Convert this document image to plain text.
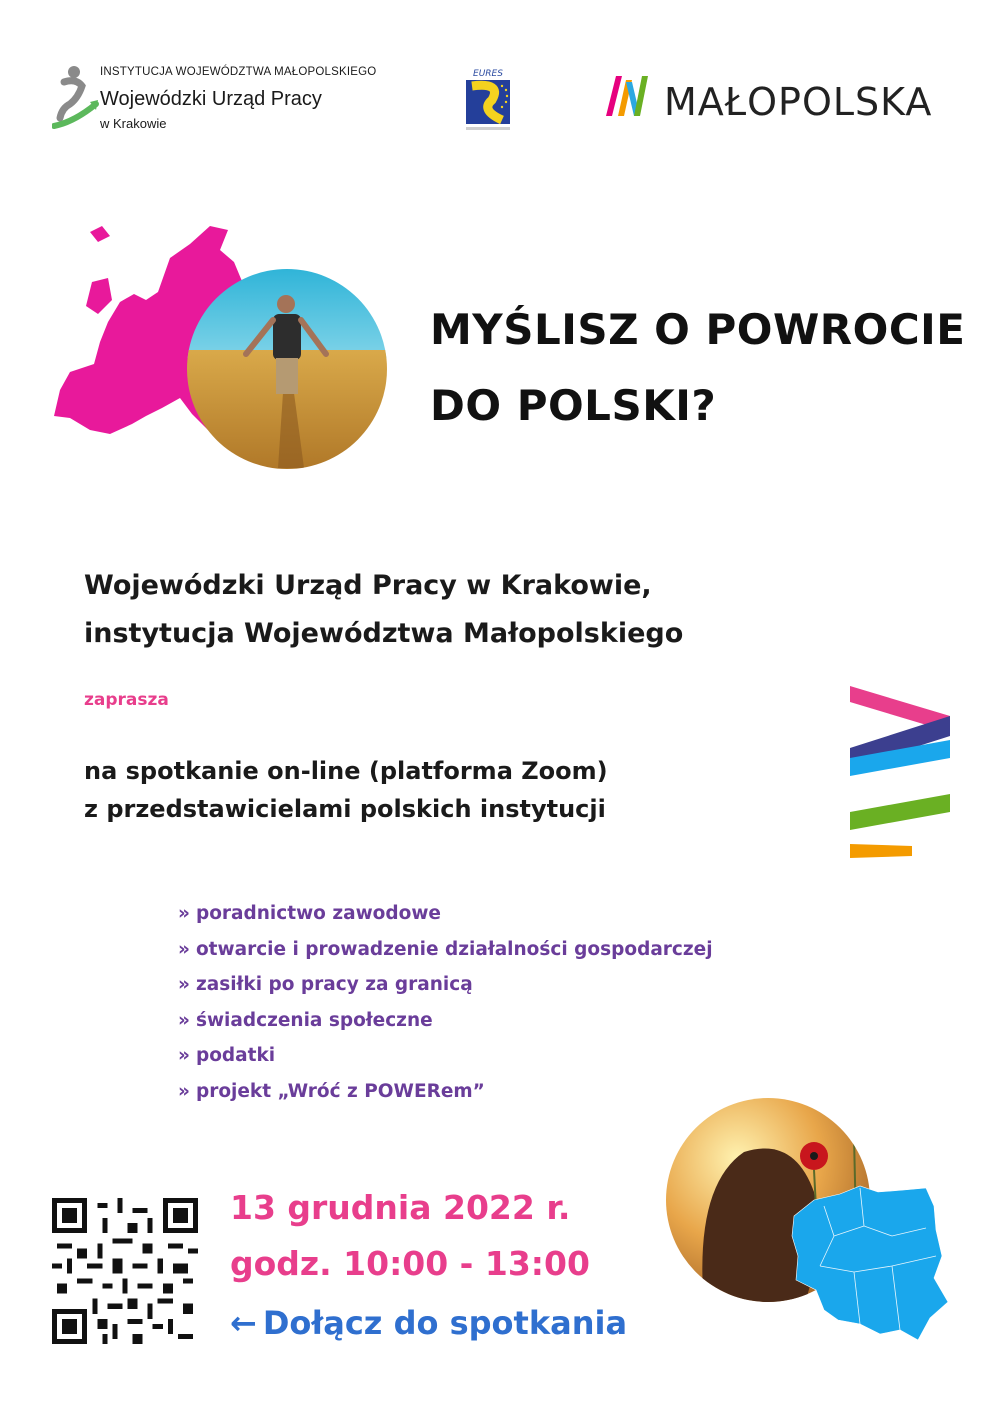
INSTYTUCJA WOJEWÓDZTWA MAŁOPOLSKIEGO
Wojewódzki Urząd Pracy
w Krakowie
EURES
MAŁOPOLSKA
MYŚLISZ O POWROCIE
DO POLSKI?
Wojewódzki Urząd Pracy w Krakowie,
instytucja Województwa Małopolskiego
zaprasza
na spotkanie on-line (platforma Zoom)
z przedstawicielami polskich instytucji
» poradnictwo zawodowe
» otwarcie i prowadzenie działalności gospodarczej
» zasiłki po pracy za granicą
» świadczenia społeczne
» podatki
» projekt „Wróć z POWERem”
13 grudnia 2022 r.
godz. 10:00 - 13:00
← Dołącz do spotkania
